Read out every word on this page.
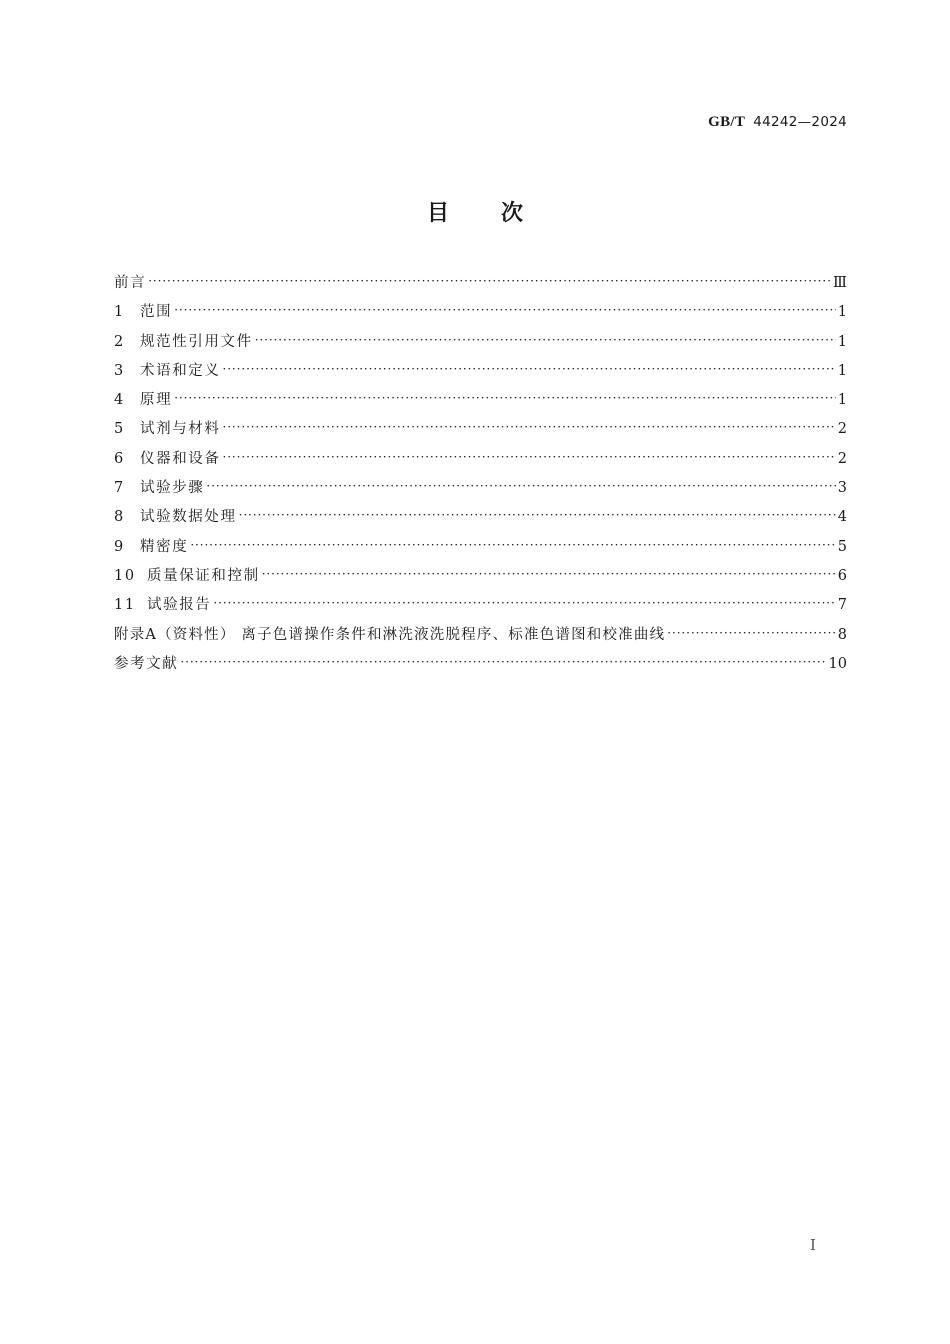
GB/T 44242—2024
目次
前言 ·····	Ⅲ
1	范围 ·····	1
2	规范性引用文件 ·····	1
3	术语和定义 ·····	1
4	原理 ·····	1
5	试剂与材料 ·····	2
6	仪器和设备 ·····	2
7	试验步骤 ·····	3
8	试验数据处理 ·····	4
9	精密度 ·····	5
10 质量保证和控制 ·····	6
11 试验报告 ·····	7
附录A（资料性） 离子色谱操作条件和淋洗液洗脱程序、标准色谱图和校准曲线 ·····	8
参考文献 ·····	10
Ⅰ
